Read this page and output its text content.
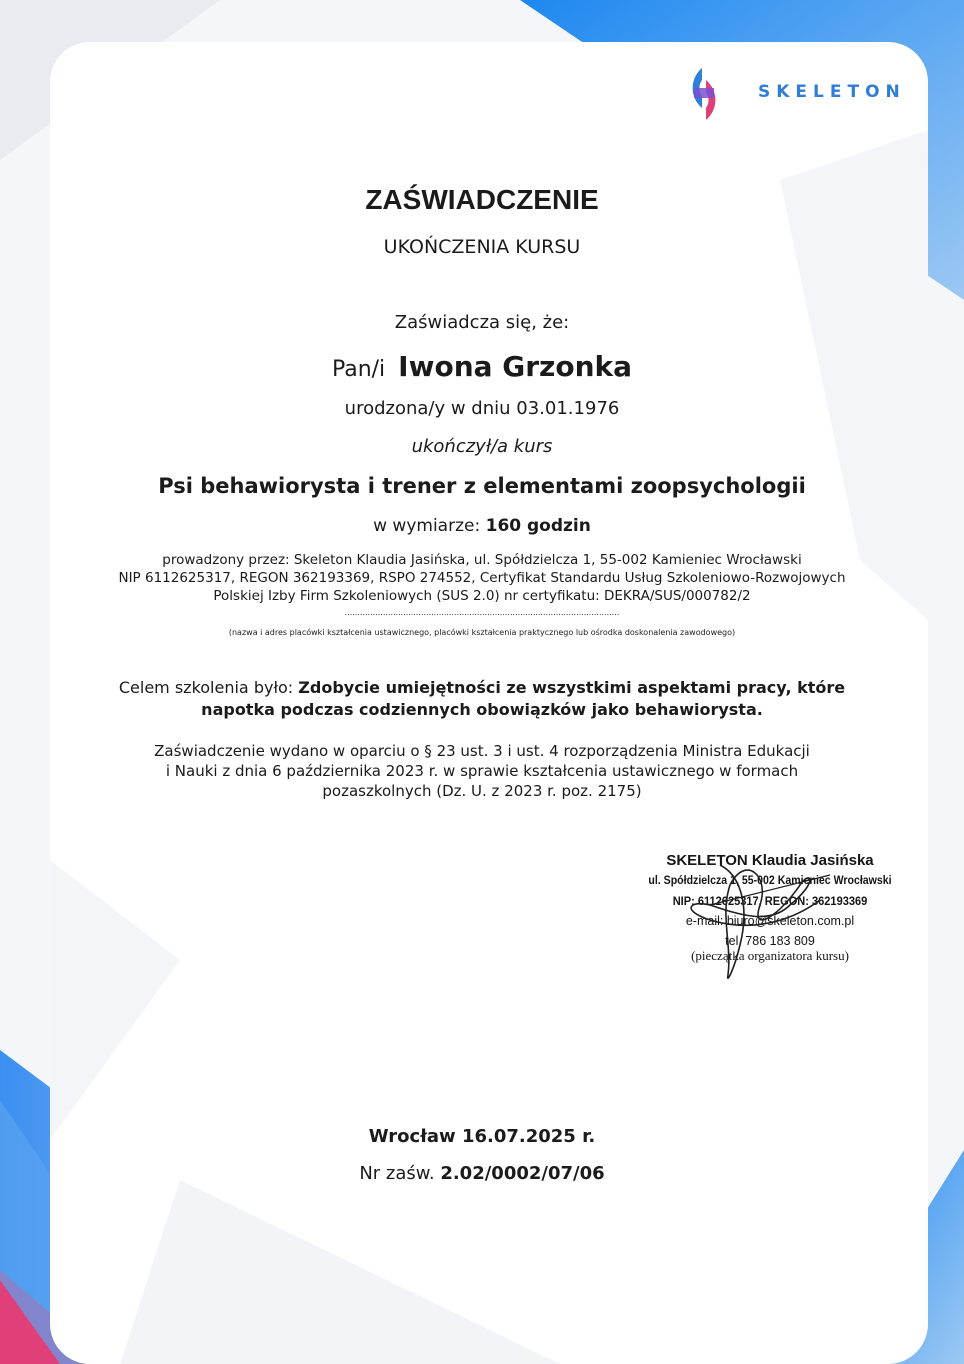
SKELETON
ZAŚWIADCZENIE
UKOŃCZENIA KURSU
Zaświadcza się, że:
Pan/i Iwona Grzonka
urodzona/y w dniu 03.01.1976
ukończył/a kurs
Psi behawiorysta i trener z elementami zoopsychologii
w wymiarze: 160 godzin
prowadzony przez: Skeleton Klaudia Jasińska, ul. Spółdzielcza 1, 55-002 Kamieniec Wrocławski
NIP 6112625317, REGON 362193369, RSPO 274552, Certyfikat Standardu Usług Szkoleniowo-Rozwojowych
Polskiej Izby Firm Szkoleniowych (SUS 2.0) nr certyfikatu: DEKRA/SUS/000782/2
............................................................................................................
(nazwa i adres placówki kształcenia ustawicznego, placówki kształcenia praktycznego lub ośrodka doskonalenia zawodowego)
Celem szkolenia było: Zdobycie umiejętności ze wszystkimi aspektami pracy, które
napotka podczas codziennych obowiązków jako behawiorysta.
Zaświadczenie wydano w oparciu o § 23 ust. 3 i ust. 4 rozporządzenia Ministra Edukacji
i Nauki z dnia 6 października 2023 r. w sprawie kształcenia ustawicznego w formach
pozaszkolnych (Dz. U. z 2023 r. poz. 2175)
SKELETON Klaudia Jasińska
ul. Spółdzielcza 1, 55-002 Kamieniec Wrocławski
NIP: 6112625317, REGON: 362193369
e-mail: biuro@skeleton.com.pl
tel. 786 183 809
(pieczątka organizatora kursu)
Wrocław 16.07.2025 r.
Nr zaśw. 2.02/0002/07/06
